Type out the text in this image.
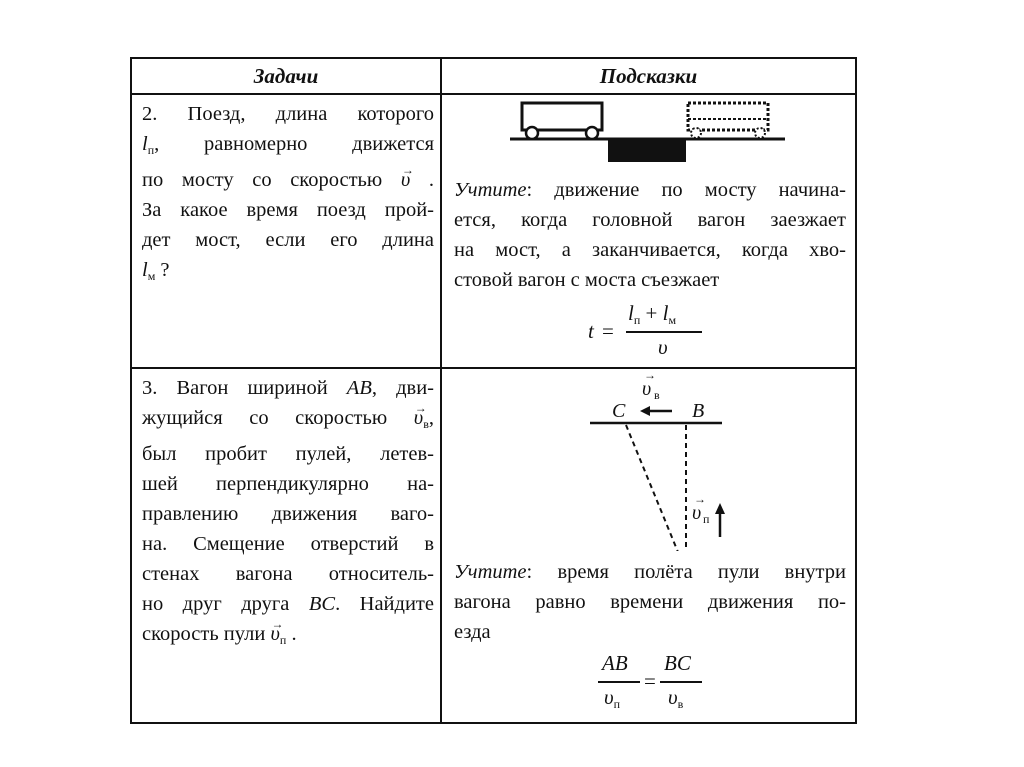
Задачи	Подсказки
2. Поезд, длина которого
$l_п$, равномерно движется
по мосту со скоростью → υ .
За какое время поезд прой-
дет мост, если его длина
$l_м$ ?
Учтите: движение по мосту начина-
ется, когда головной вагон заезжает
на мост, а заканчивается, когда хво-
стовой вагон с моста съезжает
t =
$l_п + l_м$
υ
3. Вагон шириной AB, дви-
жущийся со скоростью → $\upsilon_в$,
был пробит пулей, летев-
шей перпендикулярно на-
правлению движения ваго-
на. Смещение отверстий в
стенах вагона относитель-
но друг друга BC. Найдите
скорость пули → $\upsilon_п$ .
υ
→
в
C	B
υ
→
п
Учтите: время полёта пули внутри
вагона равно времени движения по-
езда
AB
$\upsilon_п$
=
BC
$\upsilon_в$
